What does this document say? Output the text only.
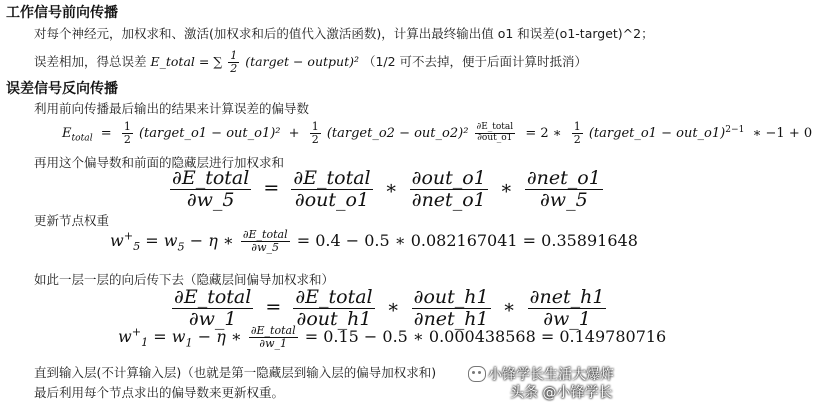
工作信号前向传播
对每个神经元，加权求和、激活(加权求和后的值代入激活函数)，计算出最终输出值 o1 和误差(o1-target)^2；
误差相加，得总误差 E_total = ∑ $\frac{1}{2}$ (target − output)² （1/2 可不去掉，便于后面计算时抵消）
误差信号反向传播
利用前向传播最后输出的结果来计算误差的偏导数
$E_{total} = \frac{1}{2}$ (target_o1 − out_o1)² + $\frac{1}{2}$ (target_o2 − out_o2)² $\frac{\text{∂E\_total}}{\text{∂out\_o1}} = 2$ ∗ $\frac{1}{2}$ (target_o1 − out_o1)$^{2-1}$ ∗ −1 + 0
再用这个偏导数和前面的隐藏层进行加权求和
$\frac{\text{∂E\_total}}{\partial w\_5} = \frac{\text{∂E\_total}}{\text{∂out\_o1}}$ ∗ $\frac{\text{∂out\_o1}}{\text{∂net\_o1}}$ ∗ $\frac{\text{∂net\_o1}}{\partial w\_5}$
更新节点权重
$w^+_5 = w_5 - \eta$ ∗ $\frac{\text{∂E\_total}}{\partial w\_5} = 0.4 - 0.5$ ∗ 0.082167041 = 0.35891648
如此一层一层的向后传下去（隐藏层间偏导加权求和）
$\frac{\text{∂E\_total}}{\partial w\_1} = \frac{\text{∂E\_total}}{\text{∂out\_h1}}$ ∗ $\frac{\text{∂out\_h1}}{\text{∂net\_h1}}$ ∗ $\frac{\text{∂net\_h1}}{\partial w\_1}$
$w^+_1 = w_1 - \eta$ ∗ $\frac{\text{∂E\_total}}{\partial w\_1} = 0.15 - 0.5$ ∗ 0.000438568 = 0.149780716
直到输入层(不计算输入层)（也就是第一隐藏层到输入层的偏导加权求和)
最后利用每个节点求出的偏导数来更新权重。
小锋学长生活大爆炸
头条 @小锋学长
